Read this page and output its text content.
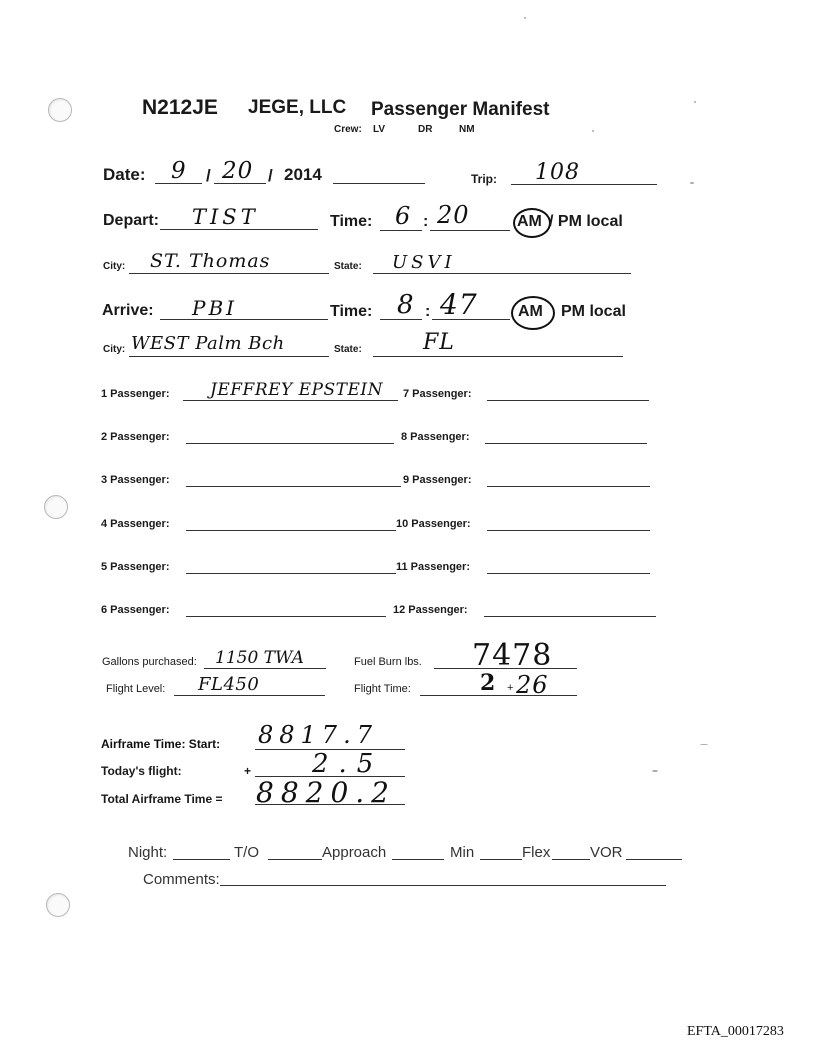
N212JE JEGE, LLC Passenger Manifest
Crew: LV	DR	NM
Date: 9 / 20 / 2014	Trip: 108
Depart: TIST	Time: 6 : 20	AM / PM local
City: ST. Thomas	State: USVI
Arrive: PBI	Time: 8 : 47	AM PM local
City: WEST Palm Bch	State:	FL
1 Passenger: JEFFREY EPSTEIN
2 Passenger:
3 Passenger:
4 Passenger:
5 Passenger:
6 Passenger:
7 Passenger:
8 Passenger:
9 Passenger:
10 Passenger:
11 Passenger:
12 Passenger:
Gallons purchased: 1150 TWA	Fuel Burn lbs. 7478
Flight Level: FL450	Flight Time:	2 + 26
Airframe Time: Start: 8817.7
Today's flight:	+ 2.5
Total Airframe Time = 8820.2
Night:	T/O	Approach	Min	Flex	VOR
Comments:
EFTA_00017283
